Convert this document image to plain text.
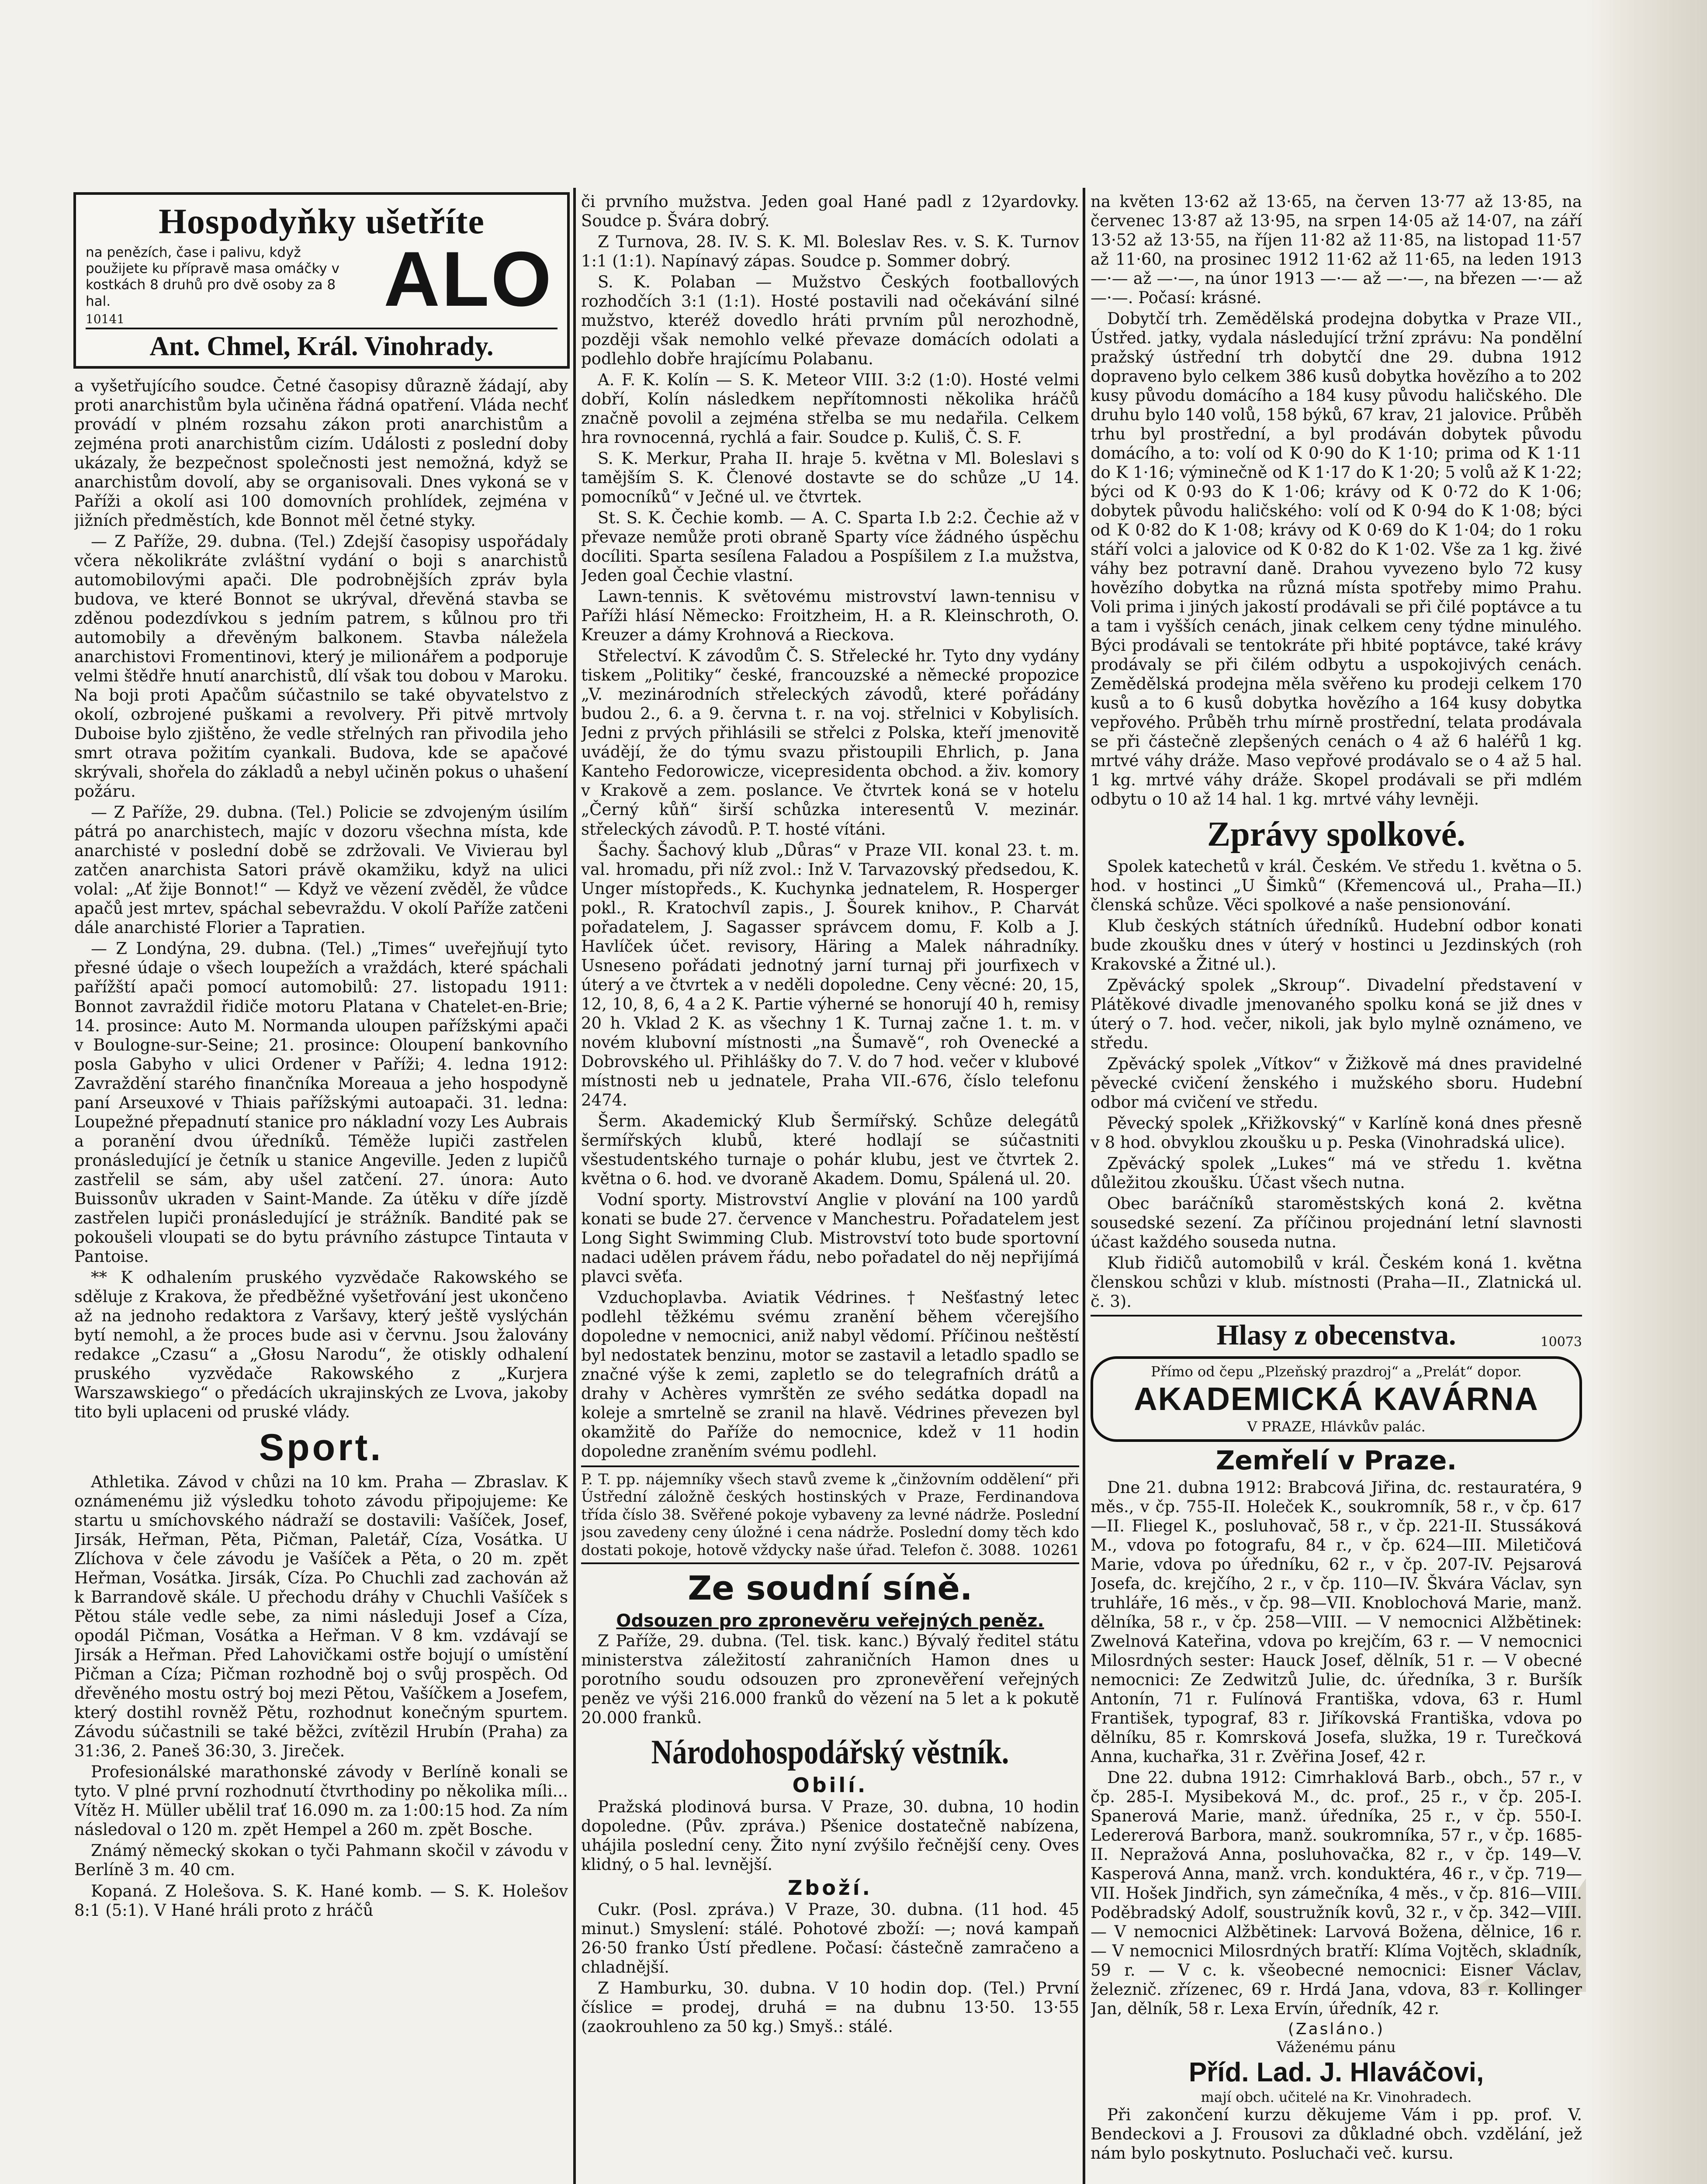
Hospodyňky ušetříte
na penězích, čase i palivu, když použijete ku přípravě masa omáčky v kostkách 8 druhů pro dvě osoby za 8 hal.
10141	ALO
Ant. Chmel, Král. Vinohrady.

a vyšetřujícího soudce. Četné časopisy důrazně žádají, aby proti anarchistům byla učiněna řádná opatření. Vláda nechť provádí v plném rozsahu zákon proti anarchistům a zejména proti anarchistům cizím. Události z poslední doby ukázaly, že bezpečnost společnosti jest nemožná, když se anarchistům dovolí, aby se organisovali. Dnes vykoná se v Paříži a okolí asi 100 domovních prohlídek, zejména v jižních předměstích, kde Bonnot měl četné styky.

— Z Paříže, 29. dubna. (Tel.) Zdejší časopisy uspořádaly včera několikráte zvláštní vydání o boji s anarchistů automobilovými apači. Dle podrobnějších zpráv byla budova, ve které Bonnot se ukrýval, dřevěná stavba se zděnou podezdívkou s jedním patrem, s kůlnou pro tři automobily a dřevěným balkonem. Stavba náležela anarchistovi Fromentinovi, který je milionářem a podporuje velmi štědře hnutí anarchistů, dlí však tou dobou v Maroku. Na boji proti Apačům súčastnilo se také obyvatelstvo z okolí, ozbrojené puškami a revolvery. Při pitvě mrtvoly Duboise bylo zjištěno, že vedle střelných ran přivodila jeho smrt otrava požitím cyankali. Budova, kde se apačové skrývali, shořela do základů a nebyl učiněn pokus o uhašení požáru.

— Z Paříže, 29. dubna. (Tel.) Policie se zdvojeným úsilím pátrá po anarchistech, majíc v dozoru všechna místa, kde anarchisté v poslední době se zdržovali. Ve Vivierau byl zatčen anarchista Satori právě okamžiku, když na ulici volal: „Ať žije Bonnot!“ — Když ve vězení zvěděl, že vůdce apačů jest mrtev, spáchal sebevraždu. V okolí Paříže zatčeni dále anarchisté Florier a Tapratien.

— Z Londýna, 29. dubna. (Tel.) „Times“ uveřejňují tyto přesné údaje o všech loupežích a vraždách, které spáchali pařížští apači pomocí automobilů: 27. listopadu 1911: Bonnot zavraždil řidiče motoru Platana v Chatelet-en-Brie; 14. prosince: Auto M. Normanda uloupen pařížskými apači v Boulogne-sur-Seine; 21. prosince: Oloupení bankovního posla Gabyho v ulici Ordener v Paříži; 4. ledna 1912: Zavraždění starého finančníka Moreaua a jeho hospodyně paní Arseuxové v Thiais pařížskými autoapači. 31. ledna: Loupežné přepadnutí stanice pro nákladní vozy Les Aubrais a poranění dvou úředníků. Téměže lupiči zastřelen pronásledující je četník u stanice Angeville. Jeden z lupičů zastřelil se sám, aby ušel zatčení. 27. února: Auto Buissonův ukraden v Saint-Mande. Za útěku v díře jízdě zastřelen lupiči pronásledující je strážník. Bandité pak se pokoušeli vloupati se do bytu právního zástupce Tintauta v Pantoise.

** K odhalením pruského vyzvědače Rakowského se sděluje z Krakova, že předběžné vyšetřování jest ukončeno až na jednoho redaktora z Varšavy, který ještě vyslýchán bytí nemohl, a že proces bude asi v červnu. Jsou žalovány redakce „Czasu“ a „Głosu Narodu“, že otiskly odhalení pruského vyzvědače Rakowského z „Kurjera Warszawskiego“ o předácích ukrajinských ze Lvova, jakoby tito byli uplaceni od pruské vlády.

Sport.

Athletika. Závod v chůzi na 10 km. Praha — Zbraslav. K oznámenému již výsledku tohoto závodu připojujeme: Ke startu u smíchovského nádraží se dostavili: Vašíček, Josef, Jirsák, Heřman, Pěta, Pičman, Paletář, Cíza, Vosátka. U Zlíchova v čele závodu je Vašíček a Pěta, o 20 m. zpět Heřman, Vosátka. Jirsák, Cíza. Po Chuchli zad zachován až k Barrandově skále. U přechodu dráhy v Chuchli Vašíček s Pětou stále vedle sebe, za nimi následuji Josef a Cíza, opodál Pičman, Vosátka a Heřman. V 8 km. vzdávají se Jirsák a Heřman. Před Lahovičkami ostře bojují o umístění Pičman a Cíza; Pičman rozhodně boj o svůj prospěch. Od dřevěného mostu ostrý boj mezi Pětou, Vašíčkem a Josefem, který dostihl rovněž Pětu, rozhodnut konečným spurtem. Závodu súčastnili se také běžci, zvítězil Hrubín (Praha) za 31:36, 2. Paneš 36:30, 3. Jireček.

Profesionálské marathonské závody v Berlíně konali se tyto. V plné první rozhodnutí čtvrthodiny po několika míli... Vítěz H. Müller ubělil trať 16.090 m. za 1:00:15 hod. Za ním následoval o 120 m. zpět Hempel a 260 m. zpět Bosche.

Známý německý skokan o tyči Pahmann skočil v závodu v Berlíně 3 m. 40 cm.

Kopaná. Z Holešova. S. K. Hané komb. — S. K. Holešov 8:1 (5:1). V Hané hráli proto z hráčů

či prvního mužstva. Jeden goal Hané padl z 12yardovky. Soudce p. Švára dobrý.

Z Turnova, 28. IV. S. K. Ml. Boleslav Res. v. S. K. Turnov 1:1 (1:1). Napínavý zápas. Soudce p. Sommer dobrý.

S. K. Polaban — Mužstvo Českých footballových rozhodčích 3:1 (1:1). Hosté postavili nad očekávání silné mužstvo, kteréž dovedlo hráti prvním půl nerozhodně, později však nemohlo velké převaze domácích odolati a podlehlo dobře hrajícímu Polabanu.

A. F. K. Kolín — S. K. Meteor VIII. 3:2 (1:0). Hosté velmi dobří, Kolín následkem nepřítomnosti několika hráčů značně povolil a zejména střelba se mu nedařila. Celkem hra rovnocenná, rychlá a fair. Soudce p. Kuliš, Č. S. F.

S. K. Merkur, Praha II. hraje 5. května v Ml. Boleslavi s tamějším S. K. Členové dostavte se do schůze „U 14. pomocníků“ v Ječné ul. ve čtvrtek.

St. S. K. Čechie komb. — A. C. Sparta I.b 2:2. Čechie až v převaze nemůže proti obraně Sparty více žádného úspěchu docíliti. Sparta sesílena Faladou a Pospíšilem z I.a mužstva, Jeden goal Čechie vlastní.

Lawn-tennis. K světovému mistrovství lawn-tennisu v Paříži hlásí Německo: Froitzheim, H. a R. Kleinschroth, O. Kreuzer a dámy Krohnová a Rieckova.

Střelectví. K závodům Č. S. Střelecké hr. Tyto dny vydány tiskem „Politiky“ české, francouzské a německé propozice „V. mezinárodních střeleckých závodů, které pořádány budou 2., 6. a 9. června t. r. na voj. střelnici v Kobylisích. Jedni z prvých přihlásili se střelci z Polska, kteří jmenovitě uvádějí, že do týmu svazu přistoupili Ehrlich, p. Jana Kanteho Fedorowicze, vicepresidenta obchod. a živ. komory v Krakově a zem. poslance. Ve čtvrtek koná se v hotelu „Černý kůň“ širší schůzka interesentů V. mezinár. střeleckých závodů. P. T. hosté vítáni.

Šachy. Šachový klub „Důras“ v Praze VII. konal 23. t. m. val. hromadu, při níž zvol.: Inž V. Tarvazovský předsedou, K. Unger místopředs., K. Kuchynka jednatelem, R. Hosperger pokl., R. Kratochvíl zapis., J. Šourek knihov., P. Charvát pořadatelem, J. Sagasser správcem domu, F. Kolb a J. Havlíček účet. revisory, Häring a Malek náhradníky. Usneseno pořádati jednotný jarní turnaj při jourfixech v úterý a ve čtvrtek a v neděli dopoledne. Ceny věcné: 20, 15, 12, 10, 8, 6, 4 a 2 K. Partie výherné se honorují 40 h, remisy 20 h. Vklad 2 K. as všechny 1 K. Turnaj začne 1. t. m. v novém klubovní místnosti „na Šumavě“, roh Ovenecké a Dobrovského ul. Přihlášky do 7. V. do 7 hod. večer v klubové místnosti neb u jednatele, Praha VII.-676, číslo telefonu 2474.

Šerm. Akademický Klub Šermířský. Schůze delegátů šermířských klubů, které hodlají se súčastniti všestudentského turnaje o pohár klubu, jest ve čtvrtek 2. května o 6. hod. ve dvoraně Akadem. Domu, Spálená ul. 20.

Vodní sporty. Mistrovství Anglie v plování na 100 yardů konati se bude 27. července v Manchestru. Pořadatelem jest Long Sight Swimming Club. Mistrovství toto bude sportovní nadaci udělen právem řádu, nebo pořadatel do něj nepřijímá plavci svěťa.

Vzduchoplavba. Aviatik Védrines. † Nešťastný letec podlehl těžkému svému zranění během včerejšího dopoledne v nemocnici, aniž nabyl vědomí. Příčinou neštěstí byl nedostatek benzinu, motor se zastavil a letadlo spadlo se značné výše k zemi, zapletlo se do telegrafních drátů a drahy v Achères vymrštěn ze svého sedátka dopadl na koleje a smrtelně se zranil na hlavě. Védrines převezen byl okamžitě do Paříže do nemocnice, kdež v 11 hodin dopoledne zraněním svému podlehl.

P. T. pp. nájemníky všech stavů zveme k „činžovním oddělení“ při Ústřední záložně českých hostinských v Praze, Ferdinandova třída číslo 38. Svěřené pokoje vybaveny za levné nádrže. Poslední jsou zavedeny ceny úložné i cena nádrže. Poslední domy těch kdo dostati pokoje, hotově vždycky naše úřad. Telefon č. 3088. 10261
Ze soudní síně.
Odsouzen pro zpronevěru veřejných peněz.

Z Paříže, 29. dubna. (Tel. tisk. kanc.) Bývalý ředitel státu ministerstva záležitostí zahraničních Hamon dnes u porotního soudu odsouzen pro zpronevěření veřejných peněz ve výši 216.000 franků do vězení na 5 let a k pokutě 20.000 franků.

Národohospodářský věstník.
Obilí.

Pražská plodinová bursa. V Praze, 30. dubna, 10 hodin dopoledne. (Pův. zpráva.) Pšenice dostatečně nabízena, uhájila poslední ceny. Žito nyní zvýšilo řečnější ceny. Oves klidný, o 5 hal. levnější.

Zboží.

Cukr. (Posl. zpráva.) V Praze, 30. dubna. (11 hod. 45 minut.) Smyslení: stálé. Pohotové zboží: —; nová kampaň 26·50 franko Ústí předlene. Počasí: částečně zamračeno a chladnější.

Z Hamburku, 30. dubna. V 10 hodin dop. (Tel.) První číslice = prodej, druhá = na dubnu 13·50. 13·55 (zaokrouhleno za 50 kg.) Smyš.: stálé.

na květen 13·62 až 13·65, na červen 13·77 až 13·85, na červenec 13·87 až 13·95, na srpen 14·05 až 14·07, na září 13·52 až 13·55, na říjen 11·82 až 11·85, na listopad 11·57 až 11·60, na prosinec 1912 11·62 až 11·65, na leden 1913 —·— až —·—, na únor 1913 —·— až —·—, na březen —·— až —·—. Počasí: krásné.

Dobytčí trh. Zemědělská prodejna dobytka v Praze VII., Ústřed. jatky, vydala následující tržní zprávu: Na pondělní pražský ústřední trh dobytčí dne 29. dubna 1912 dopraveno bylo celkem 386 kusů dobytka hovězího a to 202 kusy původu domácího a 184 kusy původu haličského. Dle druhu bylo 140 volů, 158 býků, 67 krav, 21 jalovice. Průběh trhu byl prostřední, a byl prodáván dobytek původu domácího, a to: volí od K 0·90 do K 1·10; prima od K 1·11 do K 1·16; výminečně od K 1·17 do K 1·20; 5 volů až K 1·22; býci od K 0·93 do K 1·06; krávy od K 0·72 do K 1·06; dobytek původu haličského: volí od K 0·94 do K 1·08; býci od K 0·82 do K 1·08; krávy od K 0·69 do K 1·04; do 1 roku stáří volci a jalovice od K 0·82 do K 1·02. Vše za 1 kg. živé váhy bez potravní daně. Drahou vyvezeno bylo 72 kusy hovězího dobytka na různá místa spotřeby mimo Prahu. Voli prima i jiných jakostí prodávali se při čilé poptávce a tu a tam i vyšších cenách, jinak celkem ceny týdne minulého. Býci prodávali se tentokráte při hbité poptávce, také krávy prodávaly se při čilém odbytu a uspokojivých cenách. Zemědělská prodejna měla svěřeno ku prodeji celkem 170 kusů a to 6 kusů dobytka hovězího a 164 kusy dobytka vepřového. Průběh trhu mírně prostřední, telata prodávala se při částečně zlepšených cenách o 4 až 6 haléřů 1 kg. mrtvé váhy dráže. Maso vepřové prodávalo se o 4 až 5 hal. 1 kg. mrtvé váhy dráže. Skopel prodávali se při mdlém odbytu o 10 až 14 hal. 1 kg. mrtvé váhy levněji.

Zprávy spolkové.

Spolek katechetů v král. Českém. Ve středu 1. května o 5. hod. v hostinci „U Šimků“ (Křemencová ul., Praha—II.) členská schůze. Věci spolkové a naše pensionování.

Klub českých státních úředníků. Hudební odbor konati bude zkoušku dnes v úterý v hostinci u Jezdinských (roh Krakovské a Žitné ul.).

Zpěvácký spolek „Skroup“. Divadelní představení v Plátěkové divadle jmenovaného spolku koná se již dnes v úterý o 7. hod. večer, nikoli, jak bylo mylně oznámeno, ve středu.

Zpěvácký spolek „Vítkov“ v Žižkově má dnes pravidelné pěvecké cvičení ženského i mužského sboru. Hudební odbor má cvičení ve středu.

Pěvecký spolek „Křižkovský“ v Karlíně koná dnes přesně v 8 hod. obvyklou zkoušku u p. Peska (Vinohradská ulice).

Zpěvácký spolek „Lukes“ má ve středu 1. května důležitou zkoušku. Účast všech nutna.

Obec baráčníků staroměstských koná 2. května sousedské sezení. Za příčinou projednání letní slavnosti účast každého souseda nutna.

Klub řidičů automobilů v král. Českém koná 1. května členskou schůzi v klub. místnosti (Praha—II., Zlatnická ul. č. 3).

Hlasy z obecenstva.	10073
Přímo od čepu „Plzeňský prazdroj“ a „Prelát“ dopor.
AKADEMICKÁ KAVÁRNA
V PRAZE, Hlávkův palác.
Zemřelí v Praze.

Dne 21. dubna 1912: Brabcová Jiřina, dc. restauratéra, 9 měs., v čp. 755-II. Holeček K., soukromník, 58 r., v čp. 617—II. Fliegel K., posluhovač, 58 r., v čp. 221-II. Stussáková M., vdova po fotografu, 84 r., v čp. 624—III. Miletičová Marie, vdova po úředníku, 62 r., v čp. 207-IV. Pejsarová Josefa, dc. krejčího, 2 r., v čp. 110—IV. Škvára Václav, syn truhláře, 16 měs., v čp. 98—VII. Knoblochová Marie, manž. dělníka, 58 r., v čp. 258—VIII. — V nemocnici Alžbětinek: Zwelnová Kateřina, vdova po krejčím, 63 r. — V nemocnici Milosrdných sester: Hauck Josef, dělník, 51 r. — V obecné nemocnici: Ze Zedwitzů Julie, dc. úředníka, 3 r. Buršík Antonín, 71 r. Fulínová Františka, vdova, 63 r. Huml František, typograf, 83 r. Jiříkovská Františka, vdova po dělníku, 85 r. Komrsková Josefa, služka, 19 r. Turečková Anna, kuchařka, 31 r. Zvěřina Josef, 42 r.

Dne 22. dubna 1912: Cimrhaklová Barb., obch., 57 r., v čp. 285-I. Mysibeková M., dc. prof., 25 r., v čp. 205-I. Spanerová Marie, manž. úředníka, 25 r., v čp. 550-I. Ledererová Barbora, manž. soukromníka, 57 r., v čp. 1685-II. Nepražová Anna, posluhovačka, 82 r., v čp. 149—V. Kasperová Anna, manž. vrch. konduktéra, 46 r., v čp. 719—VII. Hošek Jindřich, syn zámečníka, 4 měs., v čp. 816—VIII. Poděbradský Adolf, soustružník kovů, 32 r., v čp. 342—VIII. — V nemocnici Alžbětinek: Larvová Božena, dělnice, 16 r. — V nemocnici Milosrdných bratří: Klíma Vojtěch, skladník, 59 r. — V c. k. všeobecné nemocnici: Eisner Václav, železnič. zřízenec, 69 r. Hrdá Jana, vdova, 83 r. Kollinger Jan, dělník, 58 r. Lexa Ervín, úředník, 42 r.

(Zasláno.)
Váženému pánu
Příd. Lad. J. Hlaváčovi,
mají obch. učitelé na Kr. Vinohradech.

Při zakončení kurzu děkujeme Vám i pp. prof. V. Bendeckovi a J. Frousovi za důkladné obch. vzdělání, jež nám bylo poskytnuto. Posluchači več. kursu.
